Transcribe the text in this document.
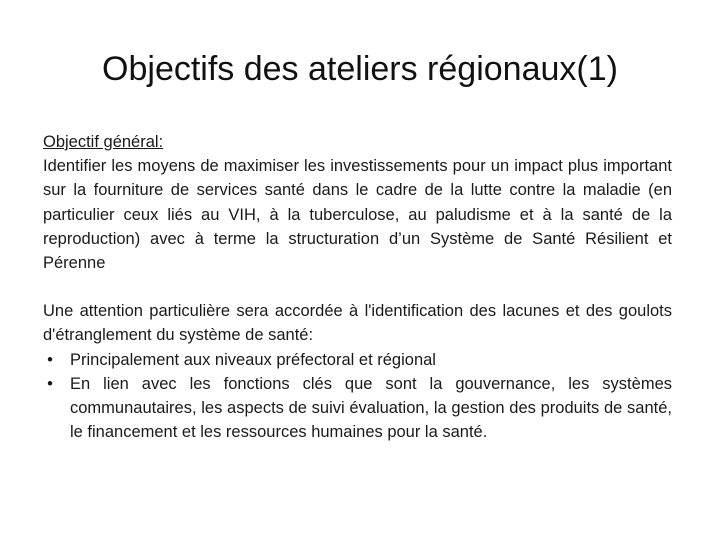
Objectifs des ateliers régionaux(1)
Objectif général:
Identifier les moyens de maximiser les investissements pour un impact plus important sur la fourniture de services santé dans le cadre de la lutte contre la maladie (en particulier ceux liés au VIH, à la tuberculose, au paludisme et à la santé de la reproduction) avec à terme la structuration d’un Système de Santé Résilient et Pérenne
Une attention particulière sera accordée à l'identification des lacunes et des goulots d'étranglement du système de santé:
• Principalement aux niveaux préfectoral et régional
• En lien avec les fonctions clés que sont la gouvernance, les systèmes communautaires, les aspects de suivi évaluation, la gestion des produits de santé, le financement et les ressources humaines pour la santé.
